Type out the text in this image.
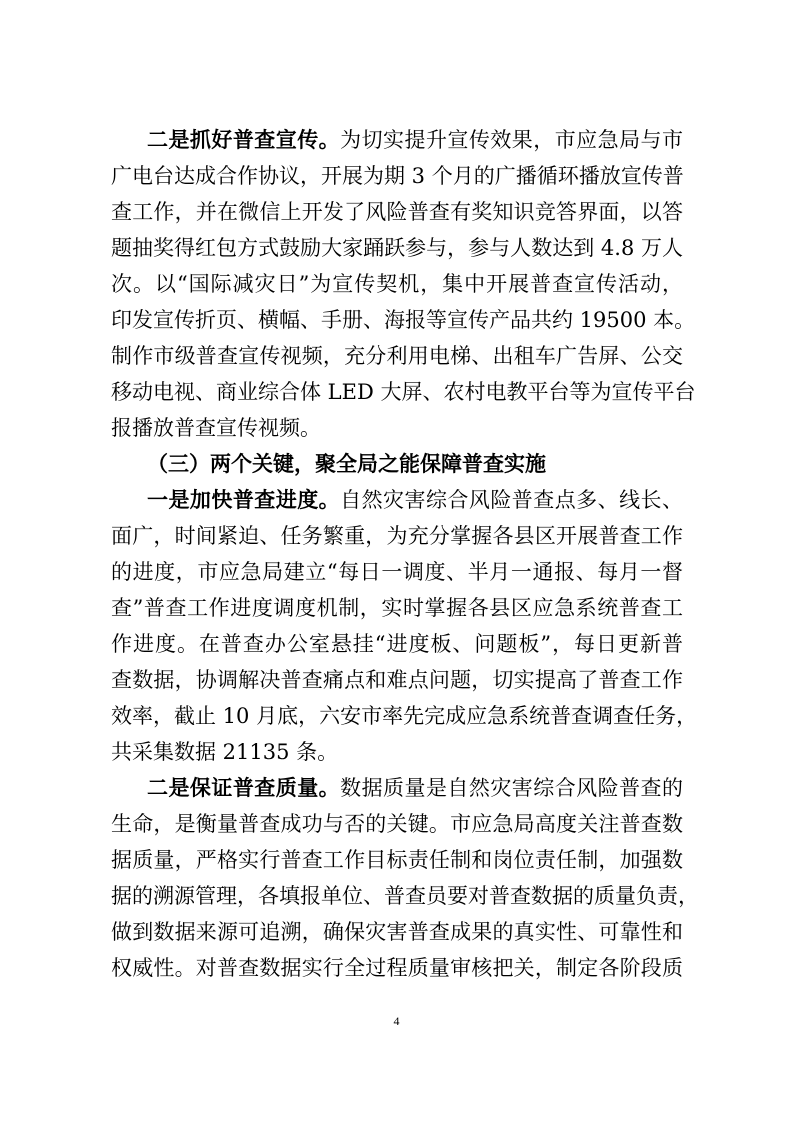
二是抓好普查宣传。为切实提升宣传效果，市应急局与市
广电台达成合作协议，开展为期 3 个月的广播循环播放宣传普
查工作，并在微信上开发了风险普查有奖知识竞答界面，以答
题抽奖得红包方式鼓励大家踊跃参与，参与人数达到 4.8 万人
次。以“国际减灾日”为宣传契机，集中开展普查宣传活动，
印发宣传折页、横幅、手册、海报等宣传产品共约 19500 本。
制作市级普查宣传视频，充分利用电梯、出租车广告屏、公交
移动电视、商业综合体 LED 大屏、农村电教平台等为宣传平台
报播放普查宣传视频。
（三）两个关键，聚全局之能保障普查实施
一是加快普查进度。自然灾害综合风险普查点多、线长、
面广，时间紧迫、任务繁重，为充分掌握各县区开展普查工作
的进度，市应急局建立“每日一调度、半月一通报、每月一督
查”普查工作进度调度机制，实时掌握各县区应急系统普查工
作进度。在普查办公室悬挂“进度板、问题板”，每日更新普
查数据，协调解决普查痛点和难点问题，切实提高了普查工作
效率，截止 10 月底，六安市率先完成应急系统普查调查任务，
共采集数据 21135 条。
二是保证普查质量。数据质量是自然灾害综合风险普查的
生命，是衡量普查成功与否的关键。市应急局高度关注普查数
据质量，严格实行普查工作目标责任制和岗位责任制，加强数
据的溯源管理，各填报单位、普查员要对普查数据的质量负责，
做到数据来源可追溯，确保灾害普查成果的真实性、可靠性和
权威性。对普查数据实行全过程质量审核把关，制定各阶段质
4
